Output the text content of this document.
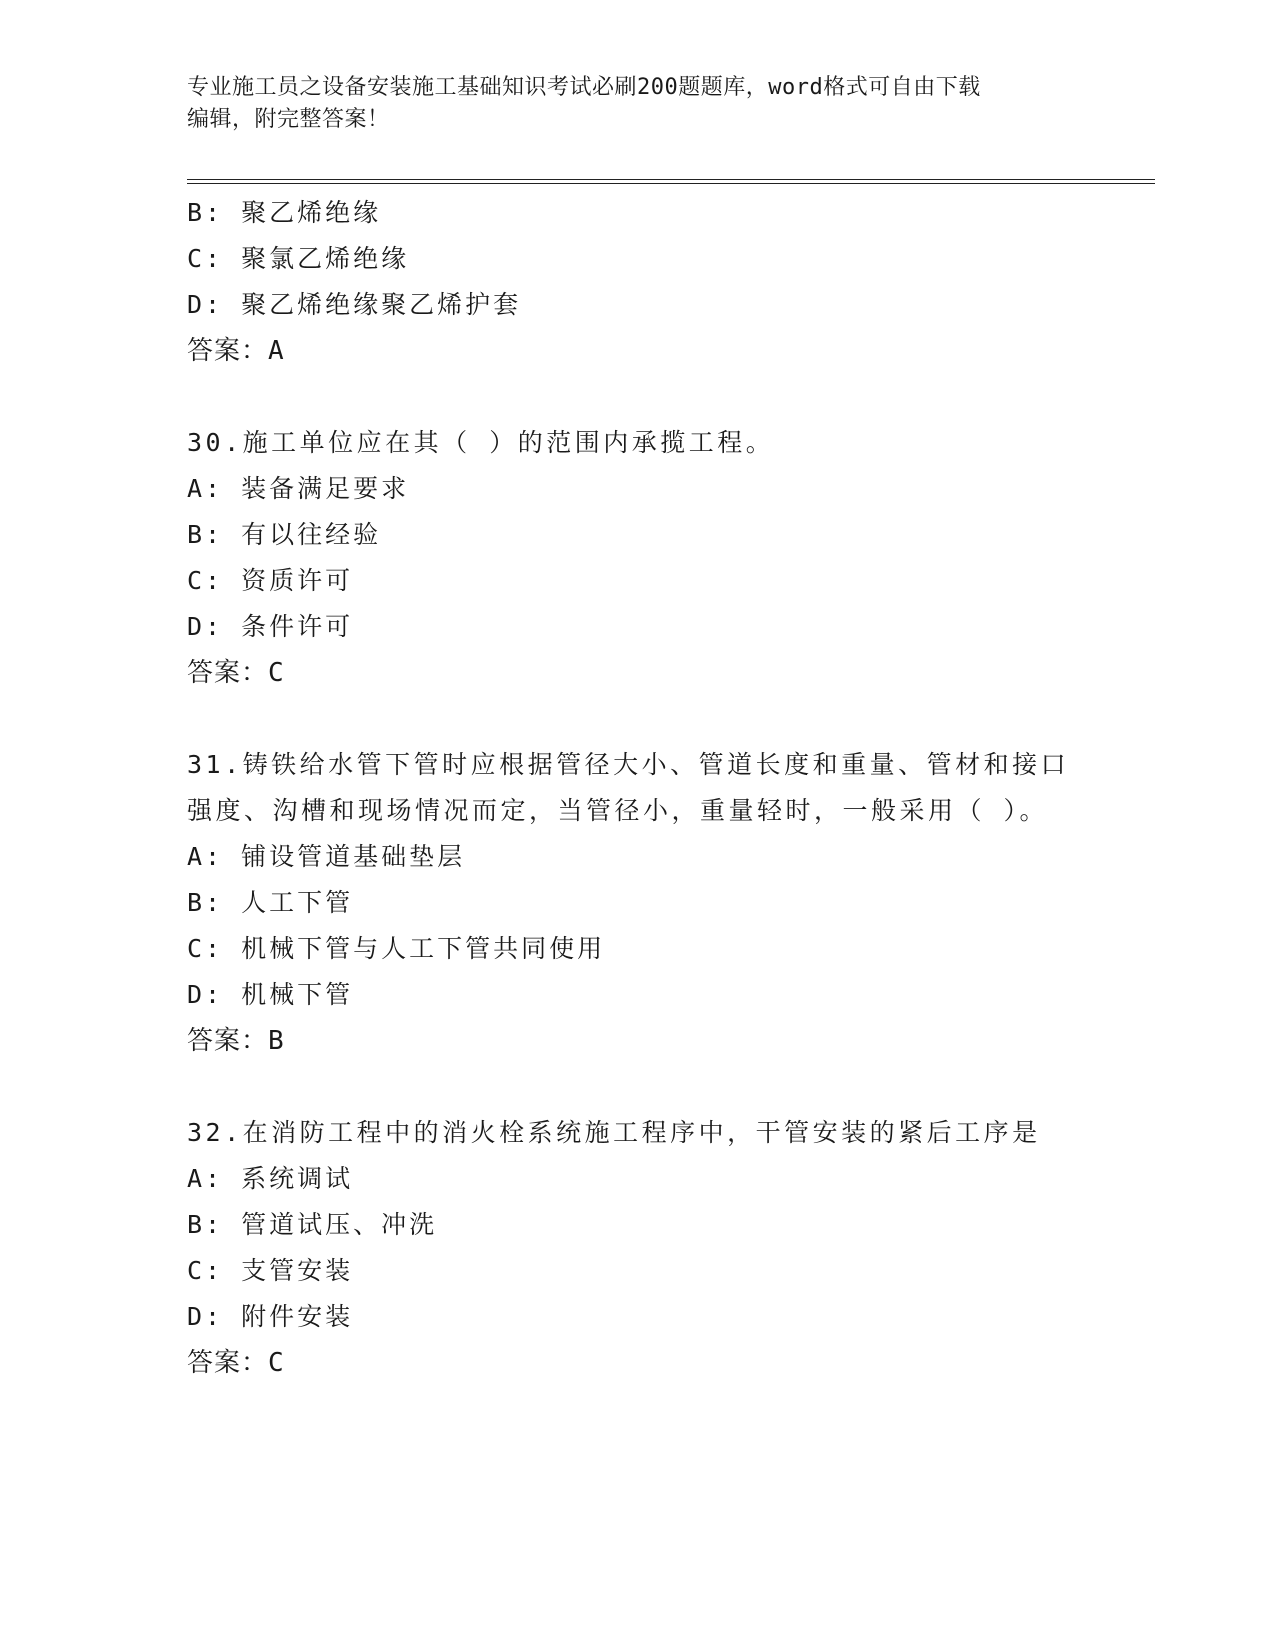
专业施工员之设备安装施工基础知识考试必刷200题题库，word格式可自由下载
编辑，附完整答案！
B: 聚乙烯绝缘
C: 聚氯乙烯绝缘
D: 聚乙烯绝缘聚乙烯护套
答案：A
30.施工单位应在其（ ）的范围内承揽工程。
A: 装备满足要求
B: 有以往经验
C: 资质许可
D: 条件许可
答案：C
31.铸铁给水管下管时应根据管径大小、管道长度和重量、管材和接口强度、沟槽和现场情况而定，当管径小，重量轻时，一般采用（ ）。
A: 铺设管道基础垫层
B: 人工下管
C: 机械下管与人工下管共同使用
D: 机械下管
答案：B
32.在消防工程中的消火栓系统施工程序中，干管安装的紧后工序是
A: 系统调试
B: 管道试压、冲洗
C: 支管安装
D: 附件安装
答案：C
